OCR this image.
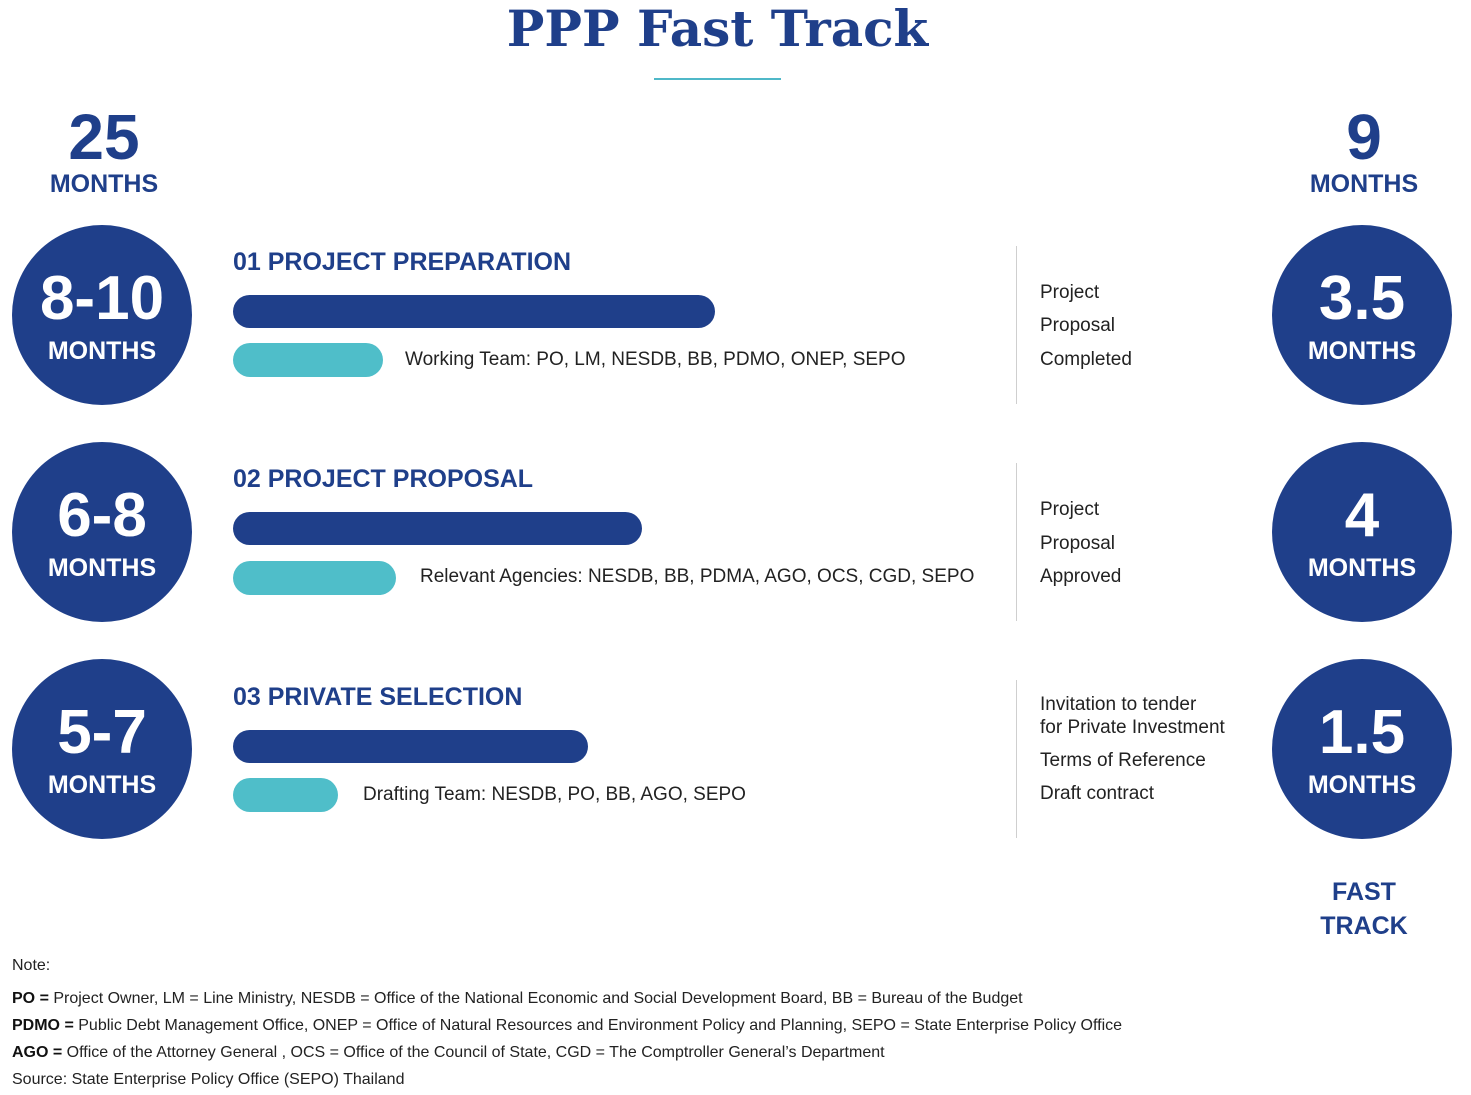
PPP Fast Track
25
MONTHS
9
MONTHS
8-10
MONTHS
01 PROJECT PREPARATION
Working Team: PO, LM, NESDB, BB, PDMO, ONEP, SEPO
Project
Proposal
Completed
3.5
MONTHS
6-8
MONTHS
02 PROJECT PROPOSAL
Relevant Agencies: NESDB, BB, PDMA, AGO, OCS, CGD, SEPO
Project
Proposal
Approved
4
MONTHS
5-7
MONTHS
03 PRIVATE SELECTION
Drafting Team: NESDB, PO, BB, AGO, SEPO
Invitation to tender
for Private Investment
Terms of Reference
Draft contract
1.5
MONTHS
FAST
TRACK
Note:
PO = Project Owner, LM = Line Ministry, NESDB = Office of the National Economic and Social Development Board, BB = Bureau of the Budget
PDMO = Public Debt Management Office, ONEP = Office of Natural Resources and Environment Policy and Planning, SEPO = State Enterprise Policy Office
AGO = Office of the Attorney General , OCS = Office of the Council of State, CGD = The Comptroller General’s Department
Source: State Enterprise Policy Office (SEPO) Thailand
